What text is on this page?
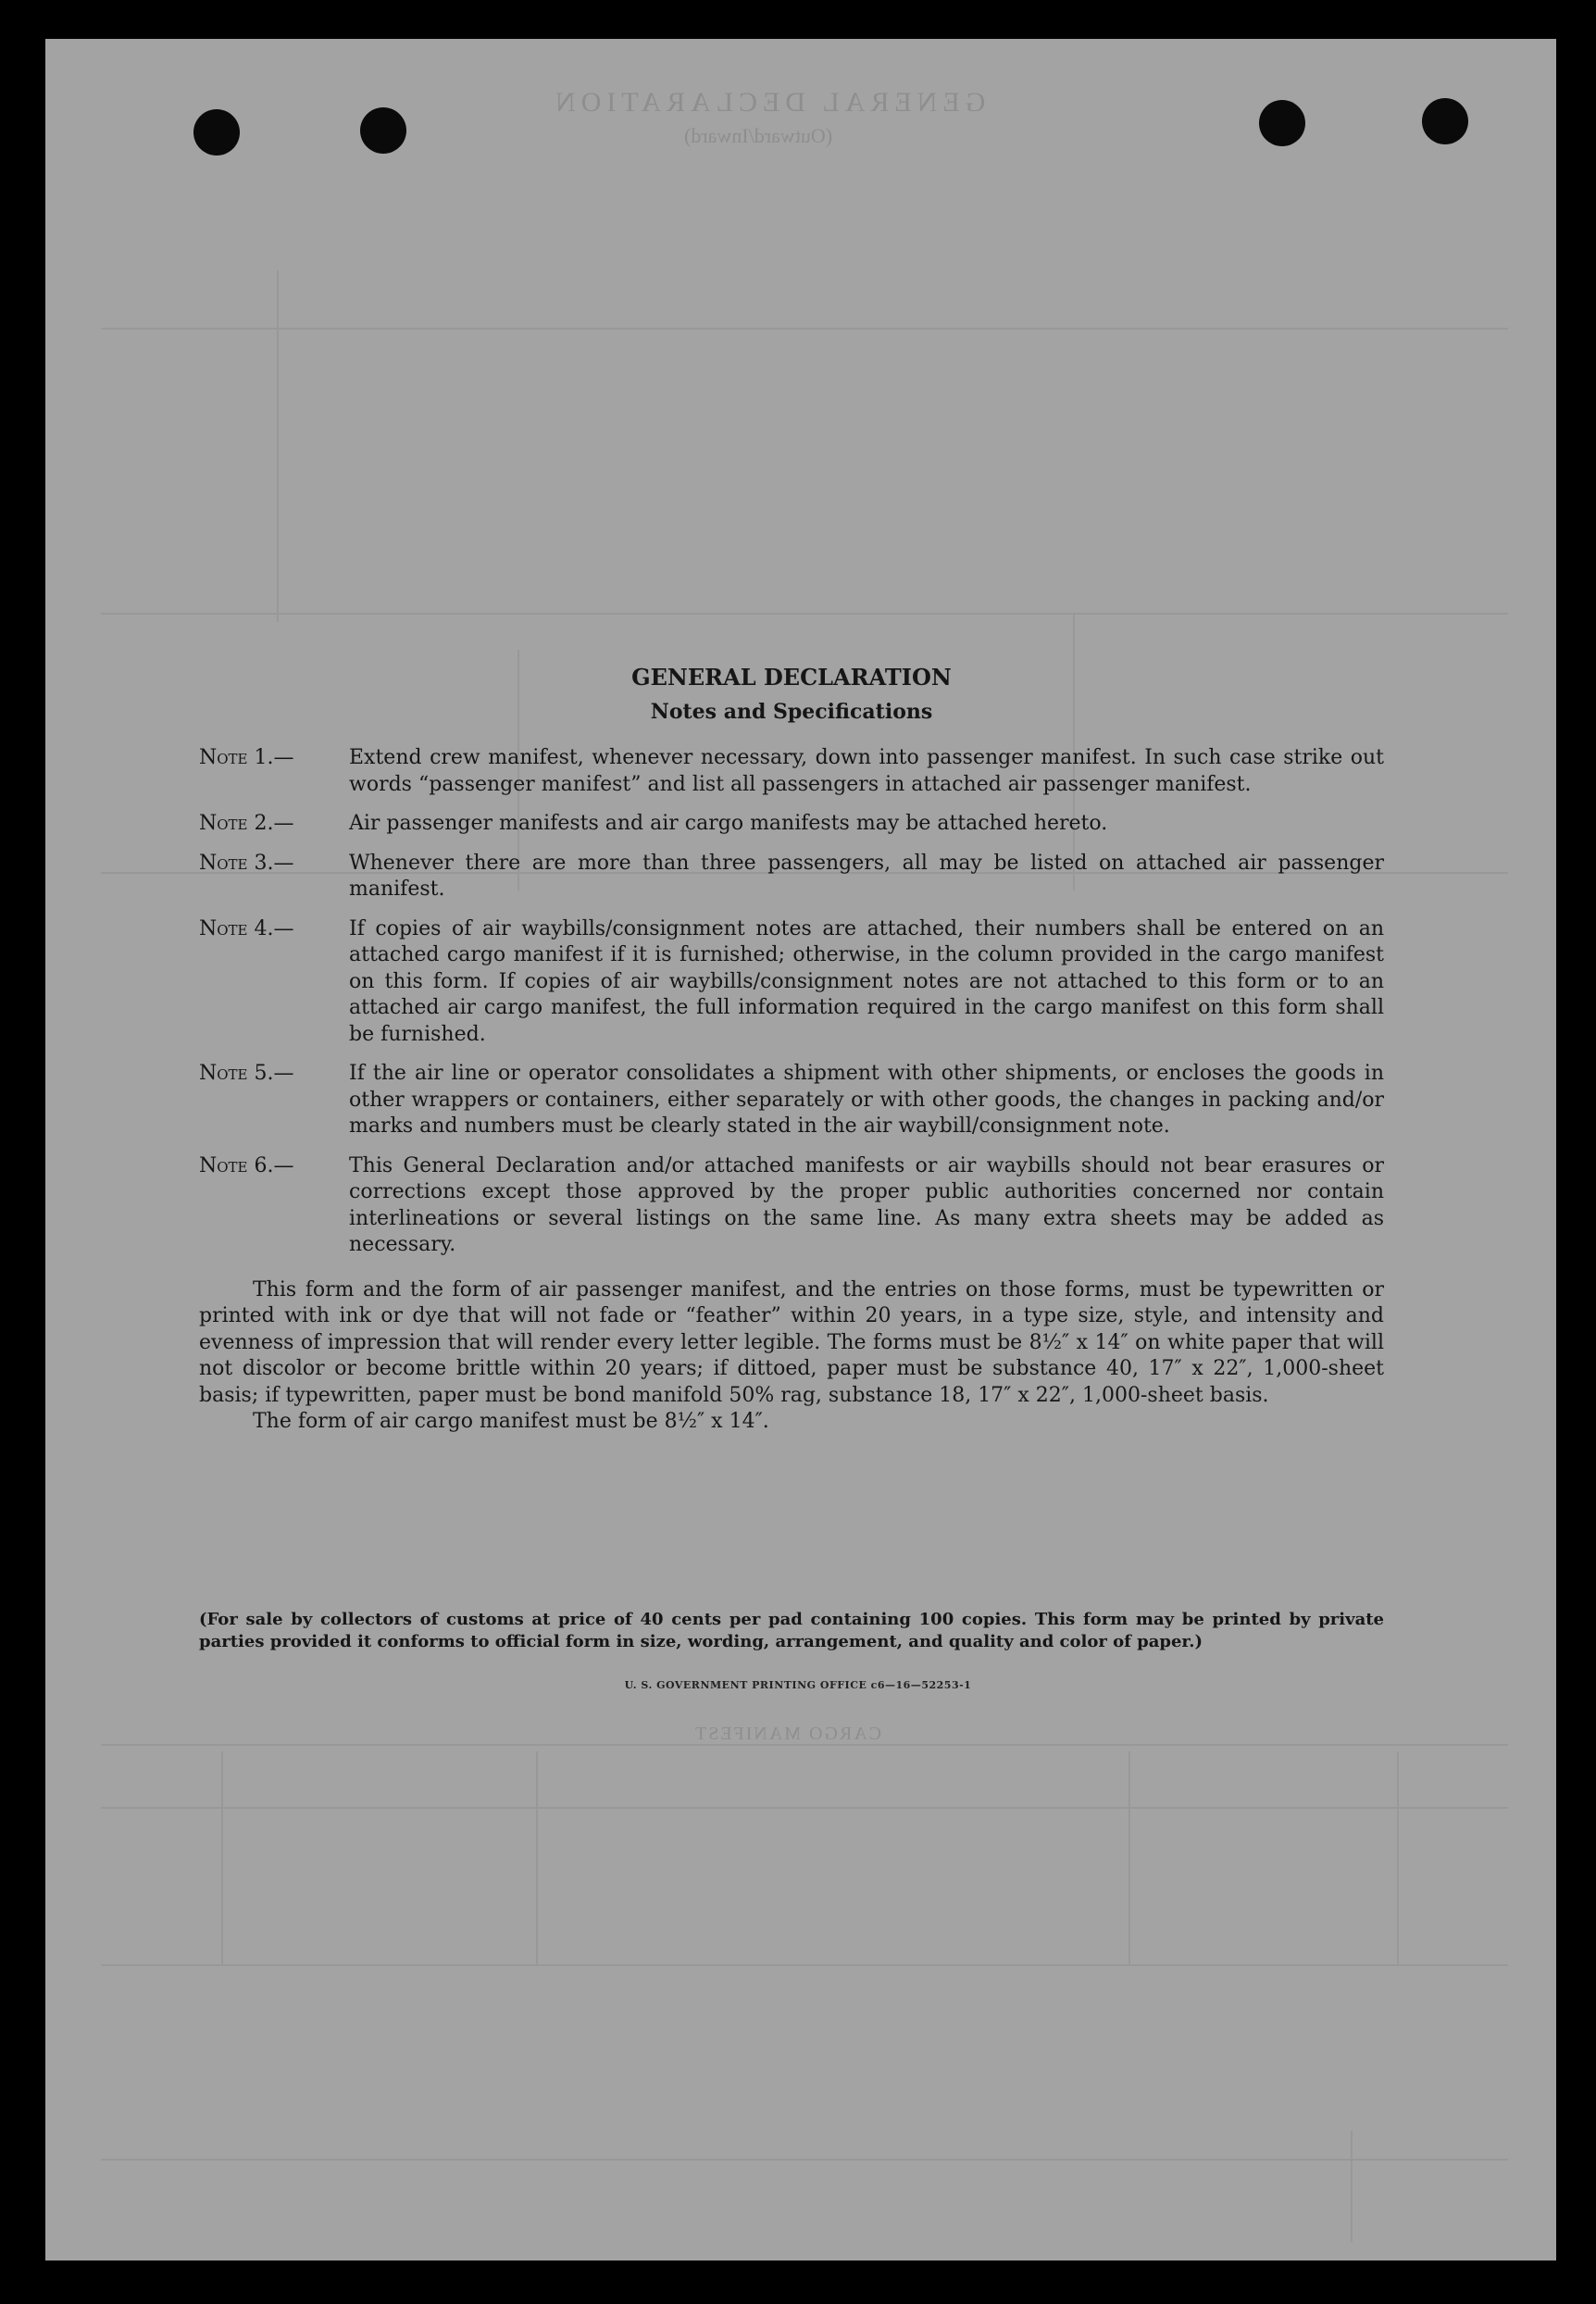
GENERAL DECLARATION
(Outward/Inward)
CARGO MANIFEST

GENERAL DECLARATION

Notes and Specifications

Note 1.—	Extend crew manifest, whenever necessary, down into passenger manifest. In such case strike out words “passenger manifest” and list all passengers in attached air passenger manifest.
Note 2.—	Air passenger manifests and air cargo manifests may be attached hereto.
Note 3.—	Whenever there are more than three passengers, all may be listed on attached air passenger manifest.
Note 4.—	If copies of air waybills/consignment notes are attached, their numbers shall be entered on an attached cargo manifest if it is furnished; otherwise, in the column provided in the cargo manifest on this form. If copies of air waybills/consignment notes are not attached to this form or to an attached air cargo manifest, the full information required in the cargo manifest on this form shall be furnished.
Note 5.—	If the air line or operator consolidates a shipment with other shipments, or encloses the goods in other wrappers or containers, either separately or with other goods, the changes in packing and/or marks and numbers must be clearly stated in the air waybill/consignment note.
Note 6.—	This General Declaration and/or attached manifests or air waybills should not bear erasures or corrections except those approved by the proper public authorities concerned nor contain interlineations or several listings on the same line. As many extra sheets may be added as necessary.

This form and the form of air passenger manifest, and the entries on those forms, must be typewritten or printed with ink or dye that will not fade or “feather” within 20 years, in a type size, style, and intensity and evenness of impression that will render every letter legible. The forms must be 8½″ x 14″ on white paper that will not discolor or become brittle within 20 years; if dittoed, paper must be substance 40, 17″ x 22″, 1,000-sheet basis; if typewritten, paper must be bond manifold 50% rag, substance 18, 17″ x 22″, 1,000-sheet basis.

The form of air cargo manifest must be 8½″ x 14″.

(For sale by collectors of customs at price of 40 cents per pad containing 100 copies. This form may be printed by private parties provided it conforms to official form in size, wording, arrangement, and quality and color of paper.)
U. S. GOVERNMENT PRINTING OFFICE c6—16—52253-1
